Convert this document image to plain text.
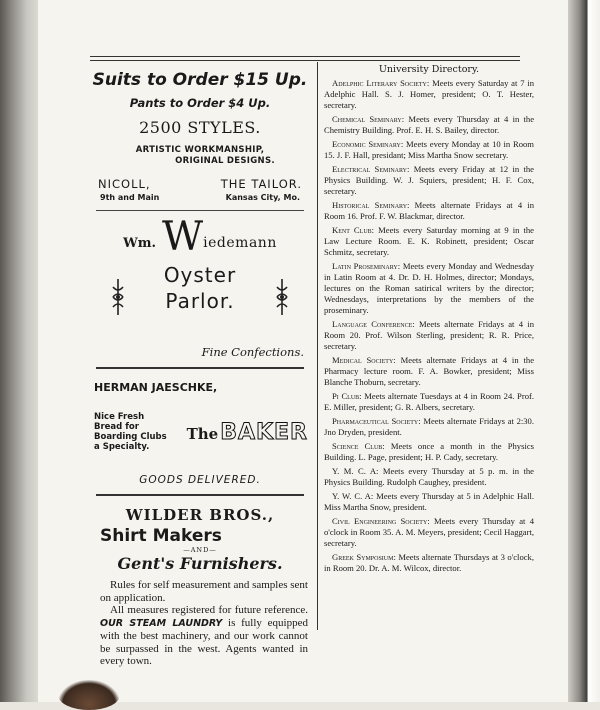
Suits to Order $15 Up.
Pants to Order $4 Up.
2500 STYLES.
ARTISTIC WORKMANSHIP,
ORIGINAL DESIGNS.
NICOLL,	THE TAILOR.
9th and Main	Kansas City, Mo.
Wm. W iedemann
Oyster
Parlor.
Fine Confections.
HERMAN JAESCHKE,
Nice Fresh
Bread for
Boarding Clubs
a Specialty.
The BAKER
GOODS DELIVERED.
WILDER BROS.,
Shirt Makers
—AND—
Gent's Furnishers.

Rules for self measurement and samples sent on application.

All measures registered for future reference. OUR STEAM LAUNDRY is fully equipped with the best machinery, and our work cannot be surpassed in the west. Agents wanted in every town.

University Directory.

Adelphic Literary Society: Meets every Saturday at 7 in Adelphic Hall. S. J. Homer, president; O. T. Hester, secretary.

Chemical Seminary: Meets every Thursday at 4 in the Chemistry Building. Prof. E. H. S. Bailey, director.

Economic Seminary: Meets every Monday at 10 in Room 15. J. F. Hall, presidant; Miss Martha Snow secretary.

Electrical Seminary: Meets every Friday at 12 in the Physics Building. W. J. Squiers, president; H. F. Cox, secretary.

Historical Seminary: Meets alternate Fridays at 4 in Room 16. Prof. F. W. Blackmar, director.

Kent Club: Meets every Saturday morning at 9 in the Law Lecture Room. E. K. Robinett, president; Oscar Schmitz, secretary.

Latin Proseminary: Meets every Monday and Wednesday in Latin Room at 4. Dr. D. H. Holmes, director; Mondays, lectures on the Roman satirical writers by the director; Wednesdays, interpretations by the members of the proseminary.

Language Conference: Meets alternate Fridays at 4 in Room 20. Prof. Wilson Sterling, president; R. R. Price, secretary.

Medical Society: Meets alternate Fridays at 4 in the Pharmacy lecture room. F. A. Bowker, president; Miss Blanche Thoburn, secretary.

Pi Club: Meets alternate Tuesdays at 4 in Room 24. Prof. E. Miller, president; G. R. Albers, secretary.

Pharmaceutical Society: Meets alternate Fridays at 2:30. Jno Dryden, president.

Science Club: Meets once a month in the Physics Building. L. Page, president; H. P. Cady, secretary.

Y. M. C. A: Meets every Thursday at 5 p. m. in the Physics Building. Rudolph Caughey, president.

Y. W. C. A: Meets every Thursday at 5 in Adelphic Hall. Miss Martha Snow, president.

Civil Engineering Society: Meets every Thursday at 4 o'clock in Room 35. A. M. Meyers, president; Cecil Haggart, secretary.

Greek Symposium: Meets alternate Thursdays at 3 o'clock, in Room 20. Dr. A. M. Wilcox, director.
